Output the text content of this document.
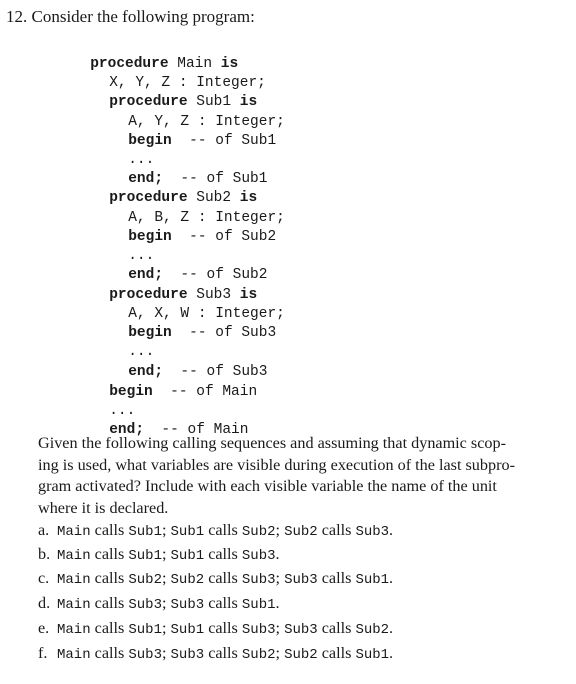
12. Consider the following program:

procedure Main is

X, Y, Z : Integer;

procedure Sub1 is

A, Y, Z : Integer;

begin  -- of Sub1

...

end;  -- of Sub1

procedure Sub2 is

A, B, Z : Integer;

begin  -- of Sub2

...

end;  -- of Sub2

procedure Sub3 is

A, X, W : Integer;

begin  -- of Sub3

...

end;  -- of Sub3

begin  -- of Main

...

end;  -- of Main

Given the following calling sequences and assuming that dynamic scop-
ing is used, what variables are visible during execution of the last subpro-
gram activated? Include with each visible variable the name of the unit
where it is declared.
a. Main calls Sub1; Sub1 calls Sub2; Sub2 calls Sub3.
b. Main calls Sub1; Sub1 calls Sub3.
c. Main calls Sub2; Sub2 calls Sub3; Sub3 calls Sub1.
d. Main calls Sub3; Sub3 calls Sub1.
e. Main calls Sub1; Sub1 calls Sub3; Sub3 calls Sub2.
f. Main calls Sub3; Sub3 calls Sub2; Sub2 calls Sub1.
